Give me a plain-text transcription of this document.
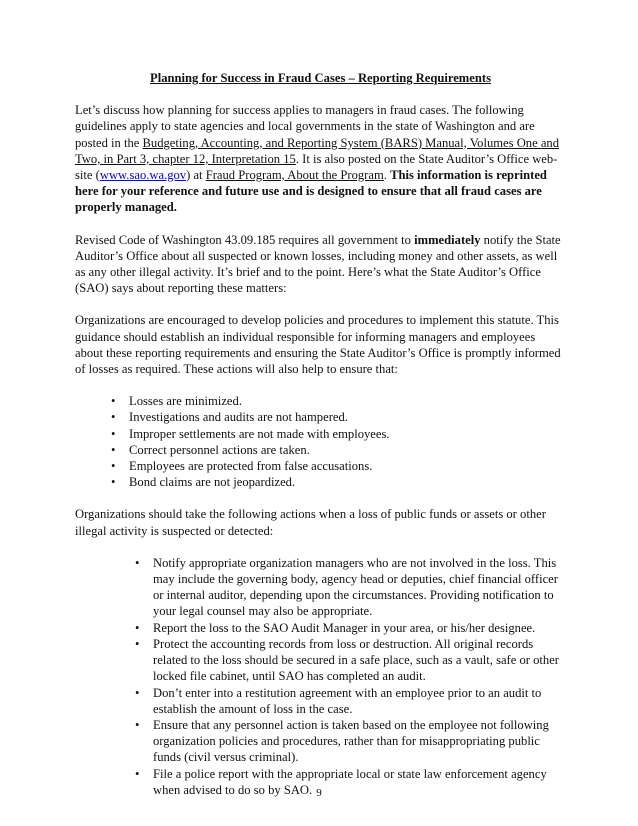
Planning for Success in Fraud Cases – Reporting Requirements

Let’s discuss how planning for success applies to managers in fraud cases. The following guidelines apply to state agencies and local governments in the state of Washington and are posted in the Budgeting, Accounting, and Reporting System (BARS) Manual, Volumes One and Two, in Part 3, chapter 12, Interpretation 15. It is also posted on the State Auditor’s Office web-site (www.sao.wa.gov) at Fraud Program, About the Program. This information is reprinted here for your reference and future use and is designed to ensure that all fraud cases are properly managed.

Revised Code of Washington 43.09.185 requires all government to immediately notify the State Auditor’s Office about all suspected or known losses, including money and other assets, as well as any other illegal activity. It’s brief and to the point. Here’s what the State Auditor’s Office (SAO) says about reporting these matters:

Organizations are encouraged to develop policies and procedures to implement this statute. This guidance should establish an individual responsible for informing managers and employees about these reporting requirements and ensuring the State Auditor’s Office is promptly informed of losses as required. These actions will also help to ensure that:

• Losses are minimized.
• Investigations and audits are not hampered.
• Improper settlements are not made with employees.
• Correct personnel actions are taken.
• Employees are protected from false accusations.
• Bond claims are not jeopardized.

Organizations should take the following actions when a loss of public funds or assets or other illegal activity is suspected or detected:

• Notify appropriate organization managers who are not involved in the loss. This may include the governing body, agency head or deputies, chief financial officer or internal auditor, depending upon the circumstances. Providing notification to your legal counsel may also be appropriate.
• Report the loss to the SAO Audit Manager in your area, or his/her designee.
• Protect the accounting records from loss or destruction. All original records related to the loss should be secured in a safe place, such as a vault, safe or other locked file cabinet, until SAO has completed an audit.
• Don’t enter into a restitution agreement with an employee prior to an audit to establish the amount of loss in the case.
• Ensure that any personnel action is taken based on the employee not following organization policies and procedures, rather than for misappropriating public funds (civil versus criminal).
• File a police report with the appropriate local or state law enforcement agency when advised to do so by SAO. 9
